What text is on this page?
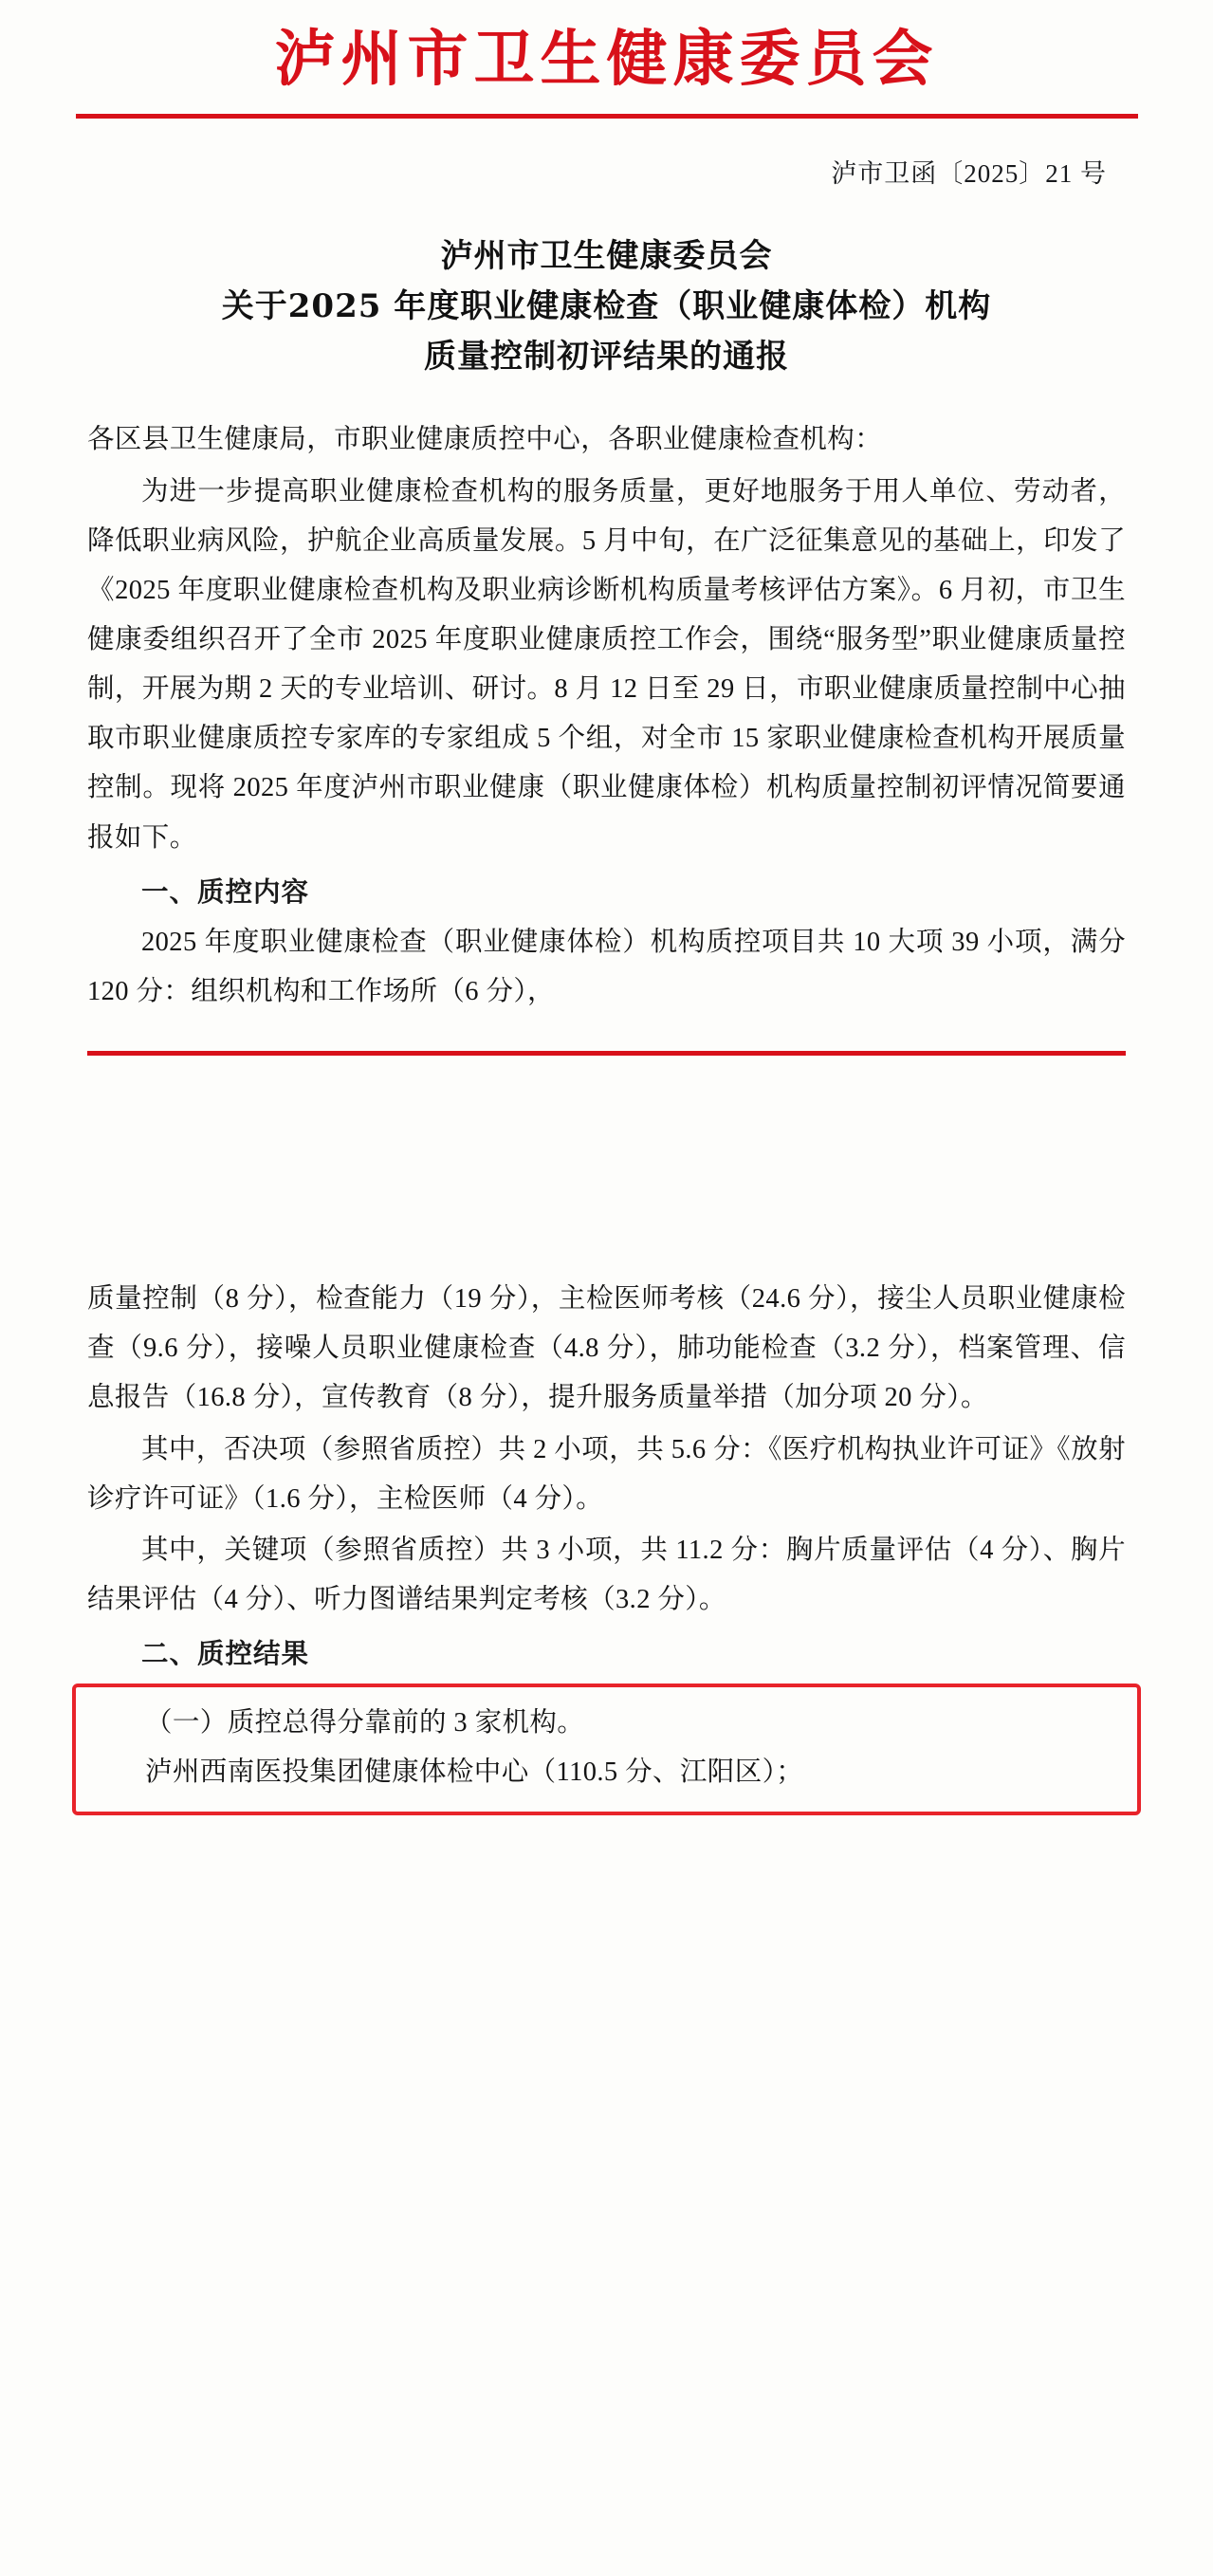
泸州市卫生健康委员会
泸市卫函〔2025〕21 号
泸州市卫生健康委员会
关于2025 年度职业健康检查（职业健康体检）机构
质量控制初评结果的通报

各区县卫生健康局，市职业健康质控中心，各职业健康检查机构：

为进一步提高职业健康检查机构的服务质量，更好地服务于用人单位、劳动者，降低职业病风险，护航企业高质量发展。5 月中旬，在广泛征集意见的基础上，印发了《2025 年度职业健康检查机构及职业病诊断机构质量考核评估方案》。6 月初，市卫生健康委组织召开了全市 2025 年度职业健康质控工作会，围绕“服务型”职业健康质量控制，开展为期 2 天的专业培训、研讨。8 月 12 日至 29 日，市职业健康质量控制中心抽取市职业健康质控专家库的专家组成 5 个组，对全市 15 家职业健康检查机构开展质量控制。现将 2025 年度泸州市职业健康（职业健康体检）机构质量控制初评情况简要通报如下。

一、质控内容

2025 年度职业健康检查（职业健康体检）机构质控项目共 10 大项 39 小项，满分 120 分：组织机构和工作场所（6 分），

质量控制（8 分），检查能力（19 分），主检医师考核（24.6 分），接尘人员职业健康检查（9.6 分），接噪人员职业健康检查（4.8 分），肺功能检查（3.2 分），档案管理、信息报告（16.8 分），宣传教育（8 分），提升服务质量举措（加分项 20 分）。

其中，否决项（参照省质控）共 2 小项，共 5.6 分：《医疗机构执业许可证》《放射诊疗许可证》（1.6 分），主检医师（4 分）。

其中，关键项（参照省质控）共 3 小项，共 11.2 分：胸片质量评估（4 分）、胸片结果评估（4 分）、听力图谱结果判定考核（3.2 分）。

二、质控结果

（一）质控总得分靠前的 3 家机构。

泸州西南医投集团健康体检中心（110.5 分、江阳区）；
